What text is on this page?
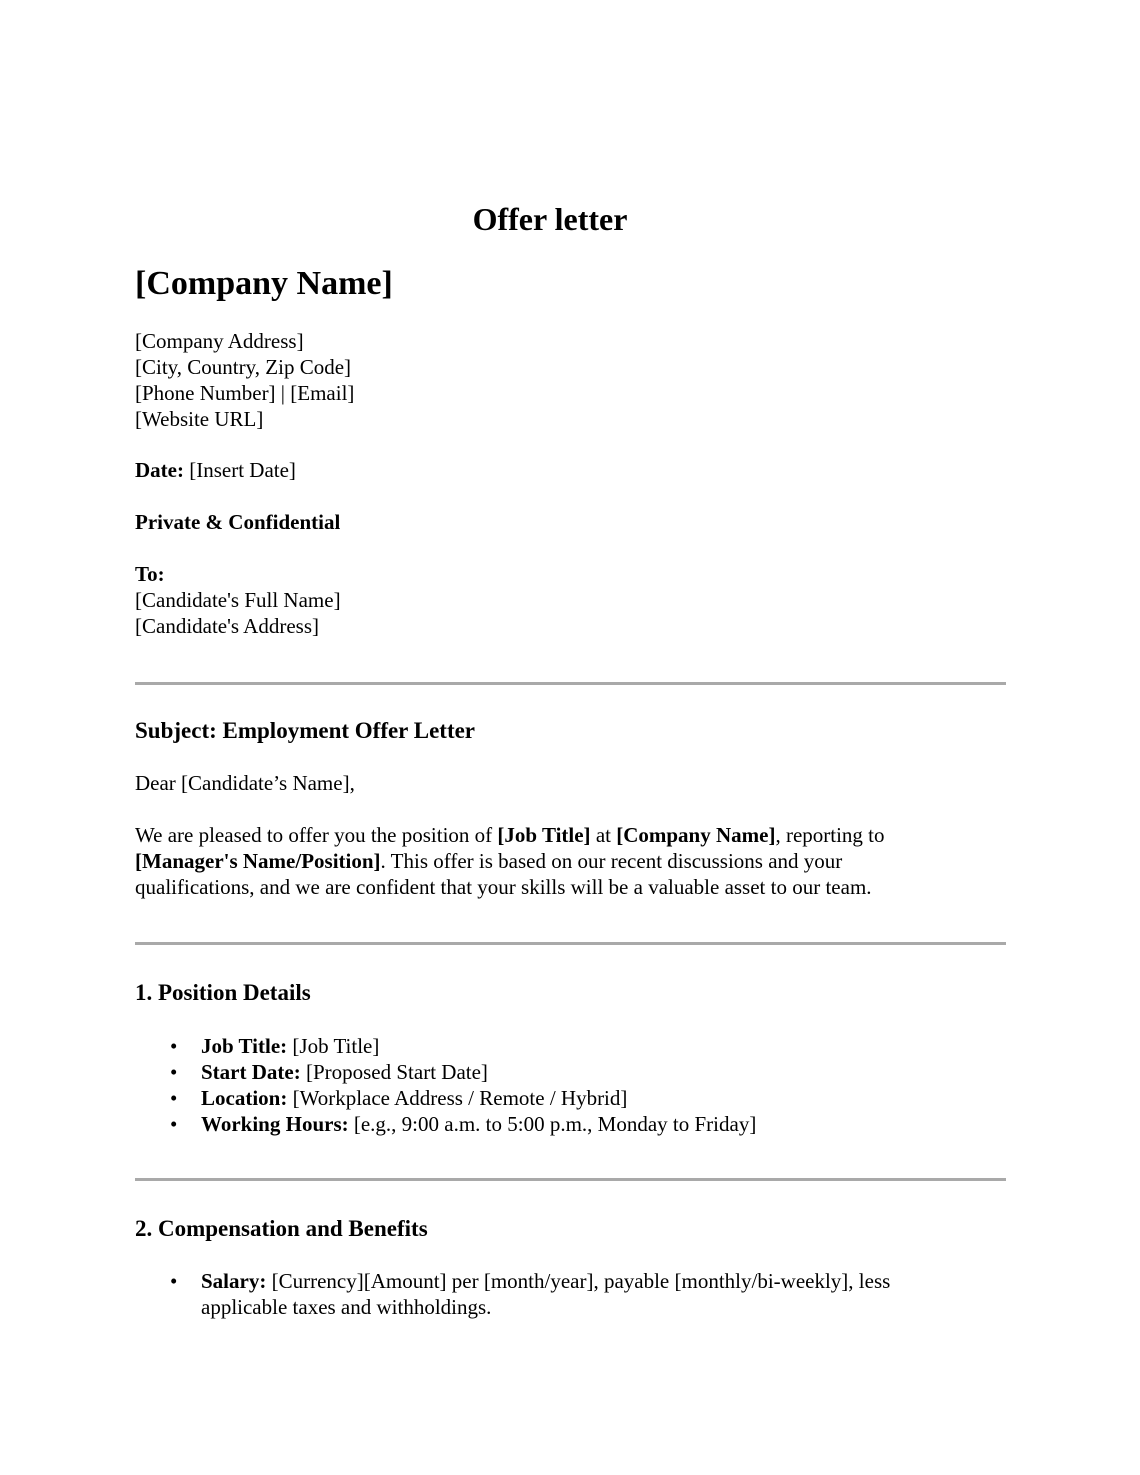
Offer letter
[Company Name]

[Company Address]

[City, Country, Zip Code]

[Phone Number] | [Email]

[Website URL]

Date: [Insert Date]

Private & Confidential

To:

[Candidate's Full Name]

[Candidate's Address]

Subject: Employment Offer Letter

Dear [Candidate’s Name],

We are pleased to offer you the position of [Job Title] at [Company Name], reporting to

[Manager's Name/Position]. This offer is based on our recent discussions and your

qualifications, and we are confident that your skills will be a valuable asset to our team.

1. Position Details
• Job Title: [Job Title]

• Start Date: [Proposed Start Date]

• Location: [Workplace Address / Remote / Hybrid]

• Working Hours: [e.g., 9:00 a.m. to 5:00 p.m., Monday to Friday]

2. Compensation and Benefits
• Salary: [Currency][Amount] per [month/year], payable [monthly/bi-weekly], less

applicable taxes and withholdings.
